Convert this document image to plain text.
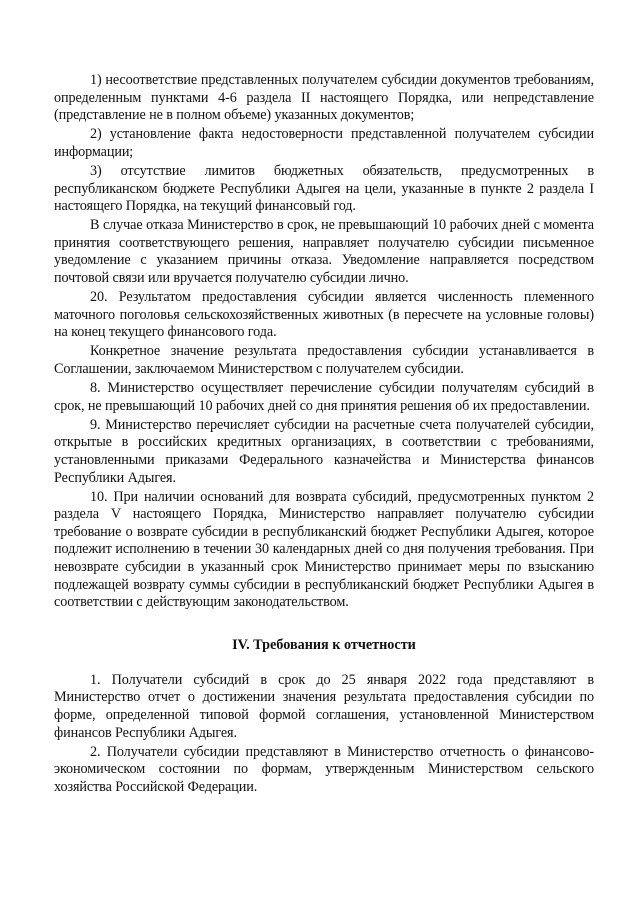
1) несоответствие представленных получателем субсидии документов требованиям, определенным пунктами 4-6 раздела II настоящего Порядка, или непредставление (представление не в полном объеме) указанных документов;

2) установление факта недостоверности представленной получателем субсидии информации;

3) отсутствие лимитов бюджетных обязательств, предусмотренных в республиканском бюджете Республики Адыгея на цели, указанные в пункте 2 раздела I настоящего Порядка, на текущий финансовый год.

В случае отказа Министерство в срок, не превышающий 10 рабочих дней с момента принятия соответствующего решения, направляет получателю субсидии письменное уведомление с указанием причины отказа. Уведомление направляется посредством почтовой связи или вручается получателю субсидии лично.

20. Результатом предоставления субсидии является численность племенного маточного поголовья сельскохозяйственных животных (в пересчете на условные головы) на конец текущего финансового года.

Конкретное значение результата предоставления субсидии устанавливается в Соглашении, заключаемом Министерством с получателем субсидии.

8. Министерство осуществляет перечисление субсидии получателям субсидий в срок, не превышающий 10 рабочих дней со дня принятия решения об их предоставлении.

9. Министерство перечисляет субсидии на расчетные счета получателей субсидии, открытые в российских кредитных организациях, в соответствии с требованиями, установленными приказами Федерального казначейства и Министерства финансов Республики Адыгея.

10. При наличии оснований для возврата субсидий, предусмотренных пунктом 2 раздела V настоящего Порядка, Министерство направляет получателю субсидии требование о возврате субсидии в республиканский бюджет Республики Адыгея, которое подлежит исполнению в течении 30 календарных дней со дня получения требования. При невозврате субсидии в указанный срок Министерство принимает меры по взысканию подлежащей возврату суммы субсидии в республиканский бюджет Республики Адыгея в соответствии с действующим законодательством.

IV. Требования к отчетности

1. Получатели субсидий в срок до 25 января 2022 года представляют в Министерство отчет о достижении значения результата предоставления субсидии по форме, определенной типовой формой соглашения, установленной Министерством финансов Республики Адыгея.

2. Получатели субсидии представляют в Министерство отчетность о финансово-экономическом состоянии по формам, утвержденным Министерством сельского хозяйства Российской Федерации.
